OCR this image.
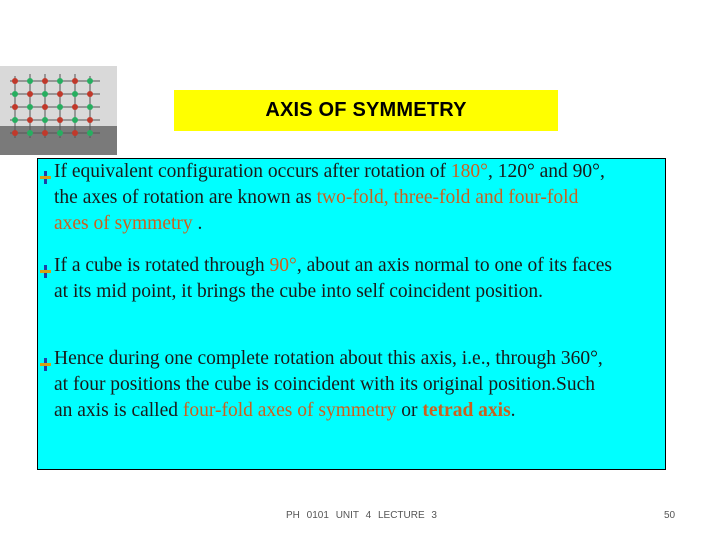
AXIS OF SYMMETRY
If equivalent configuration occurs after rotation of 180°, 120° and 90°, the axes of rotation are known as two-fold, three-fold and four-fold axes of symmetry .
If a cube is rotated through 90°, about an axis normal to one of its faces at its mid point, it brings the cube into self coincident position.
Hence during one complete rotation about this axis, i.e., through 360°, at four positions the cube is coincident with its original position.Such an axis is called four-fold axes of symmetry or tetrad axis.
PH 0101 UNIT 4 LECTURE 3	50
